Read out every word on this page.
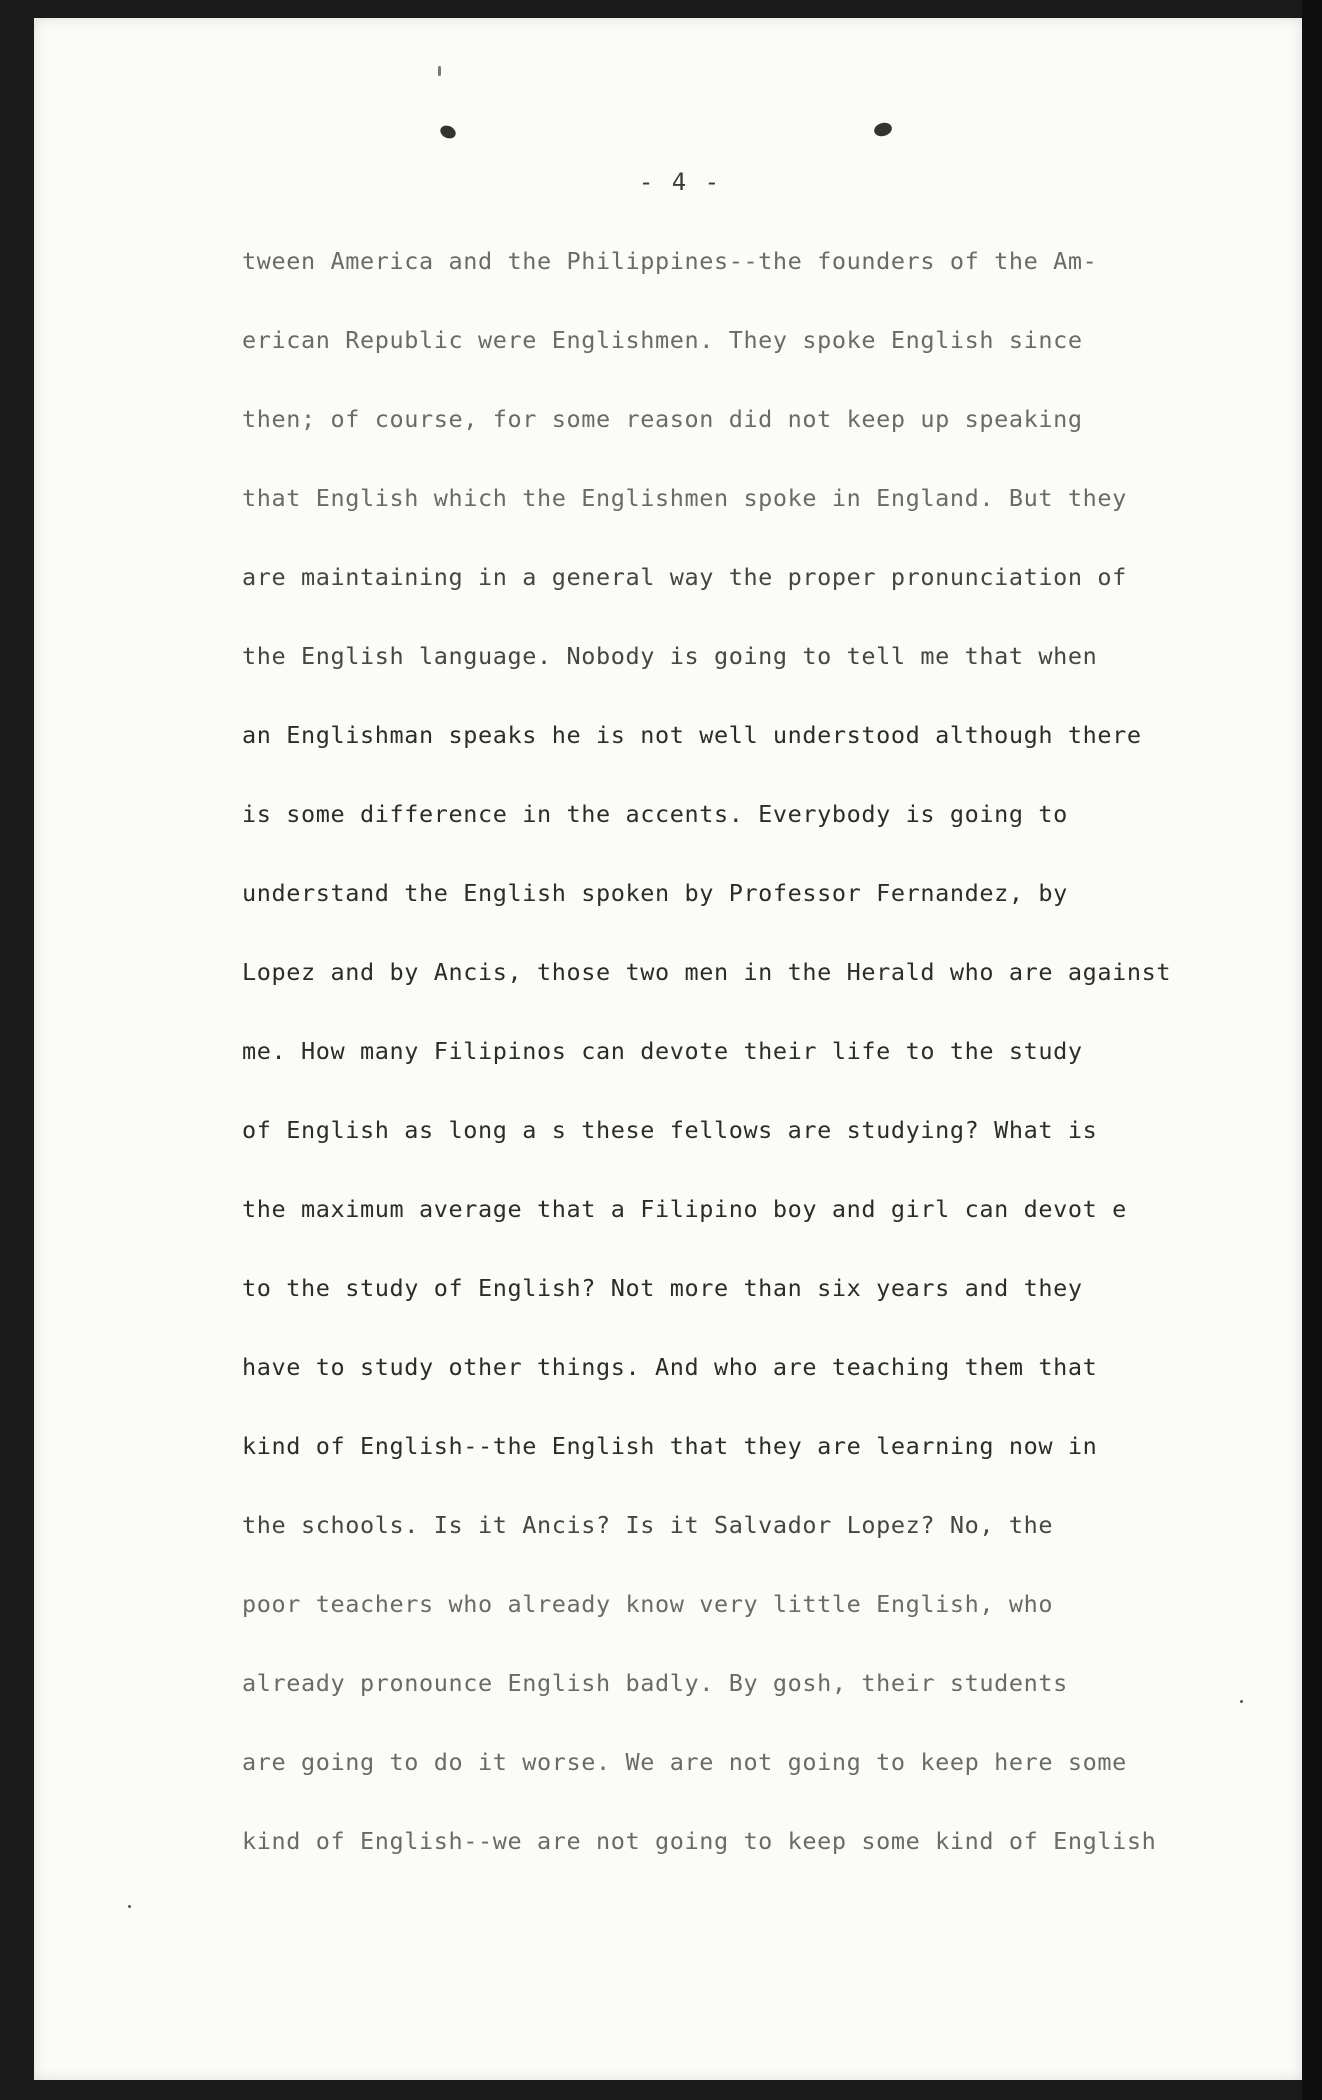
- 4 -
tween America and the Philippines--the founders of the Am-
erican Republic were Englishmen. They spoke English since
then; of course, for some reason did not keep up speaking
that English which the Englishmen spoke in England. But they
are maintaining in a general way the proper pronunciation of
the English language. Nobody is going to tell me that when
an Englishman speaks he is not well understood although there
is some difference in the accents. Everybody is going to
understand the English spoken by Professor Fernandez, by
Lopez and by Ancis, those two men in the Herald who are against
me. How many Filipinos can devote their life to the study
of English as long a s these fellows are studying? What is
the maximum average that a Filipino boy and girl can devot e
to the study of English? Not more than six years and they
have to study other things. And who are teaching them that
kind of English--the English that they are learning now in
the schools. Is it Ancis? Is it Salvador Lopez? No, the
poor teachers who already know very little English, who
already pronounce English badly. By gosh, their students
are going to do it worse. We are not going to keep here some
kind of English--we are not going to keep some kind of English
